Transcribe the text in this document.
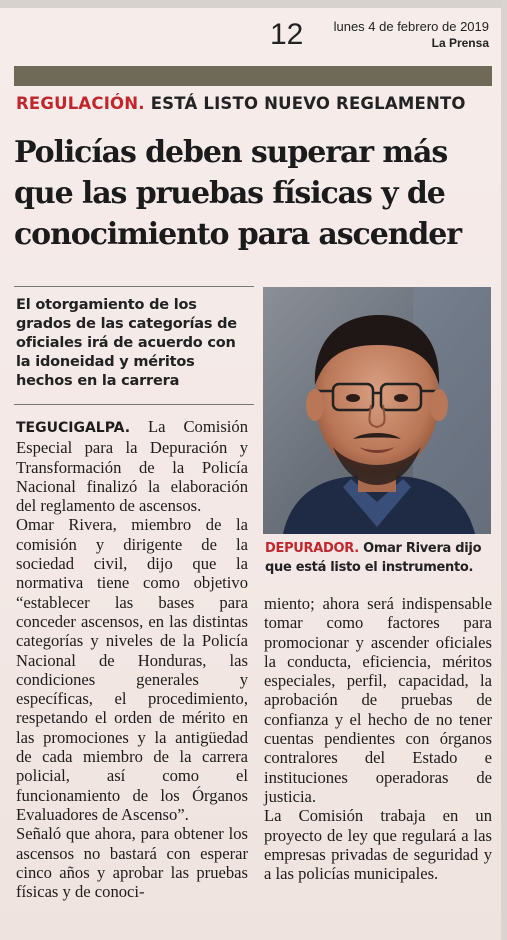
12 lunes 4 de febrero de 2019
La Prensa
REGULACIÓN. ESTÁ LISTO NUEVO REGLAMENTO
Policías deben superar más que las pruebas físicas y de conocimiento para ascender

El otorgamiento de los grados de las categorías de oficiales irá de acuerdo con la idoneidad y méritos hechos en la carrera

DEPURADOR. Omar Rivera dijo que está listo el instrumento.

TEGUCIGALPA. La Comisión Especial para la Depuración y Transformación de la Policía Nacional finalizó la elaboración del reglamento de ascensos.

Omar Rivera, miembro de la comisión y dirigente de la sociedad civil, dijo que la normativa tiene como objetivo “establecer las bases para conceder ascensos, en las distintas categorías y niveles de la Policía Nacional de Honduras, las condiciones generales y específicas, el procedimiento, respetando el orden de mérito en las promociones y la antigüedad de cada miembro de la carrera policial, así como el funcionamiento de los Órganos Evaluadores de Ascenso”.

Señaló que ahora, para obtener los ascensos no bastará con esperar cinco años y aprobar las pruebas físicas y de conoci-

miento; ahora será indispensable tomar como factores para promocionar y ascender oficiales la conducta, eficiencia, méritos especiales, perfil, capacidad, la aprobación de pruebas de confianza y el hecho de no tener cuentas pendientes con órganos contralores del Estado e instituciones operadoras de justicia.

La Comisión trabaja en un proyecto de ley que regulará a las empresas privadas de seguridad y a las policías municipales.
